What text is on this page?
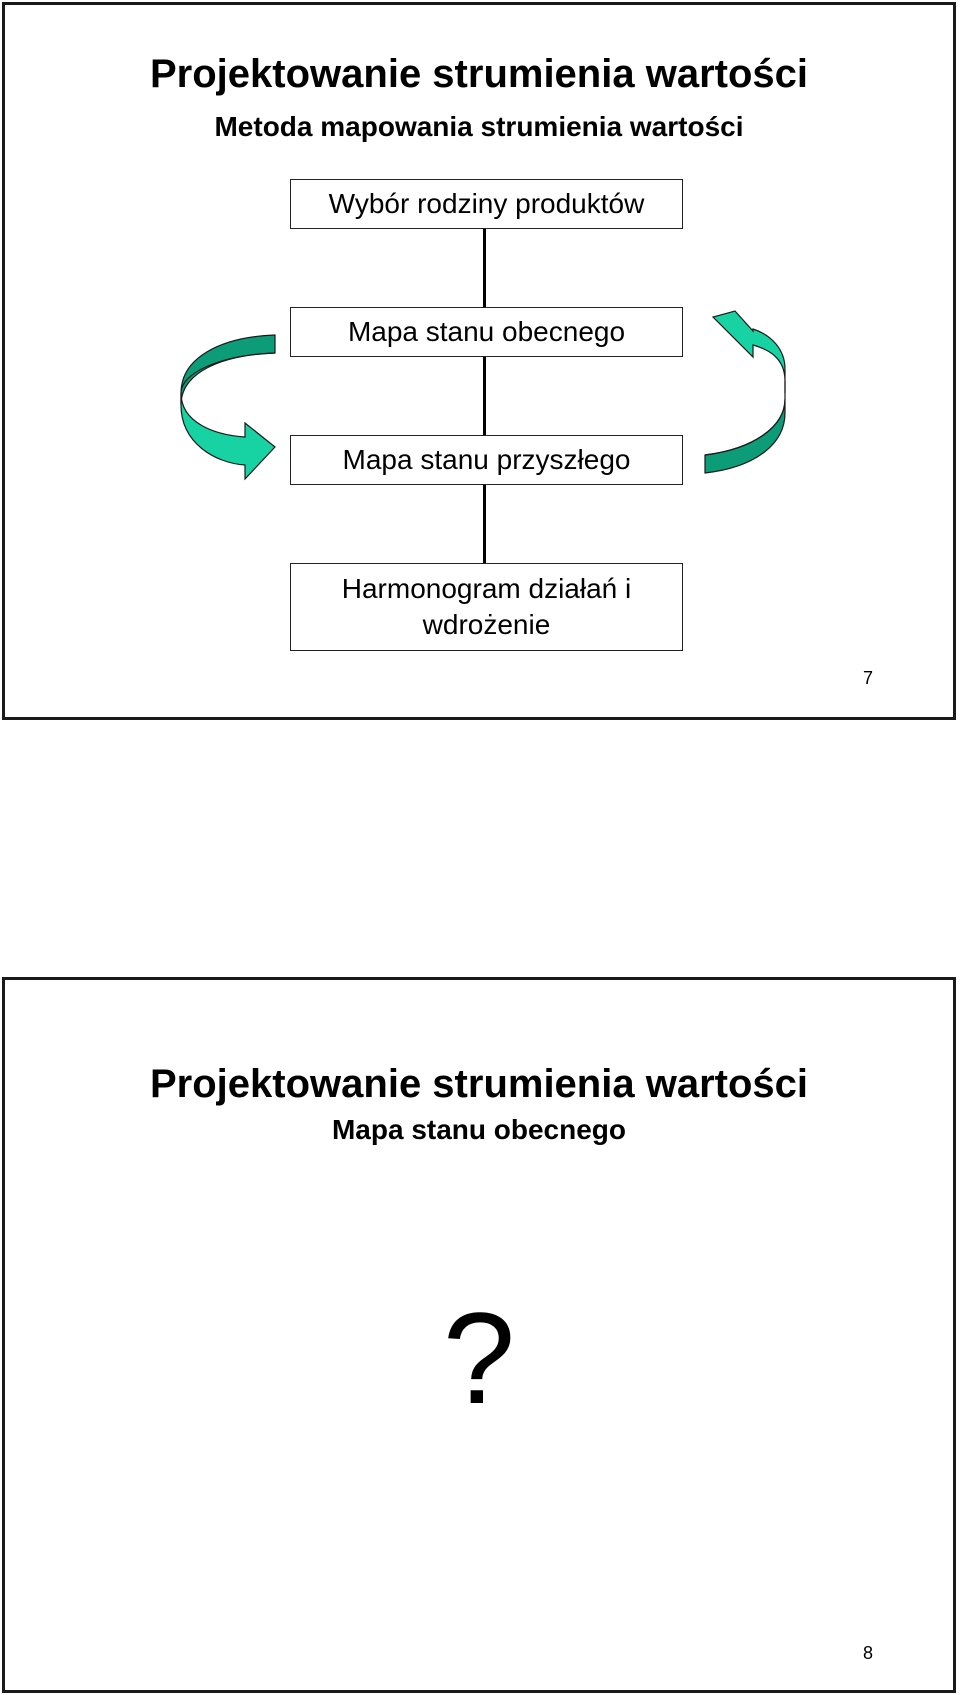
Projektowanie strumienia wartości
Metoda mapowania strumienia wartości
Wybór rodziny produktów
Mapa stanu obecnego
Mapa stanu przyszłego
Harmonogram działań i
wdrożenie
7
Projektowanie strumienia wartości
Mapa stanu obecnego
?
8
